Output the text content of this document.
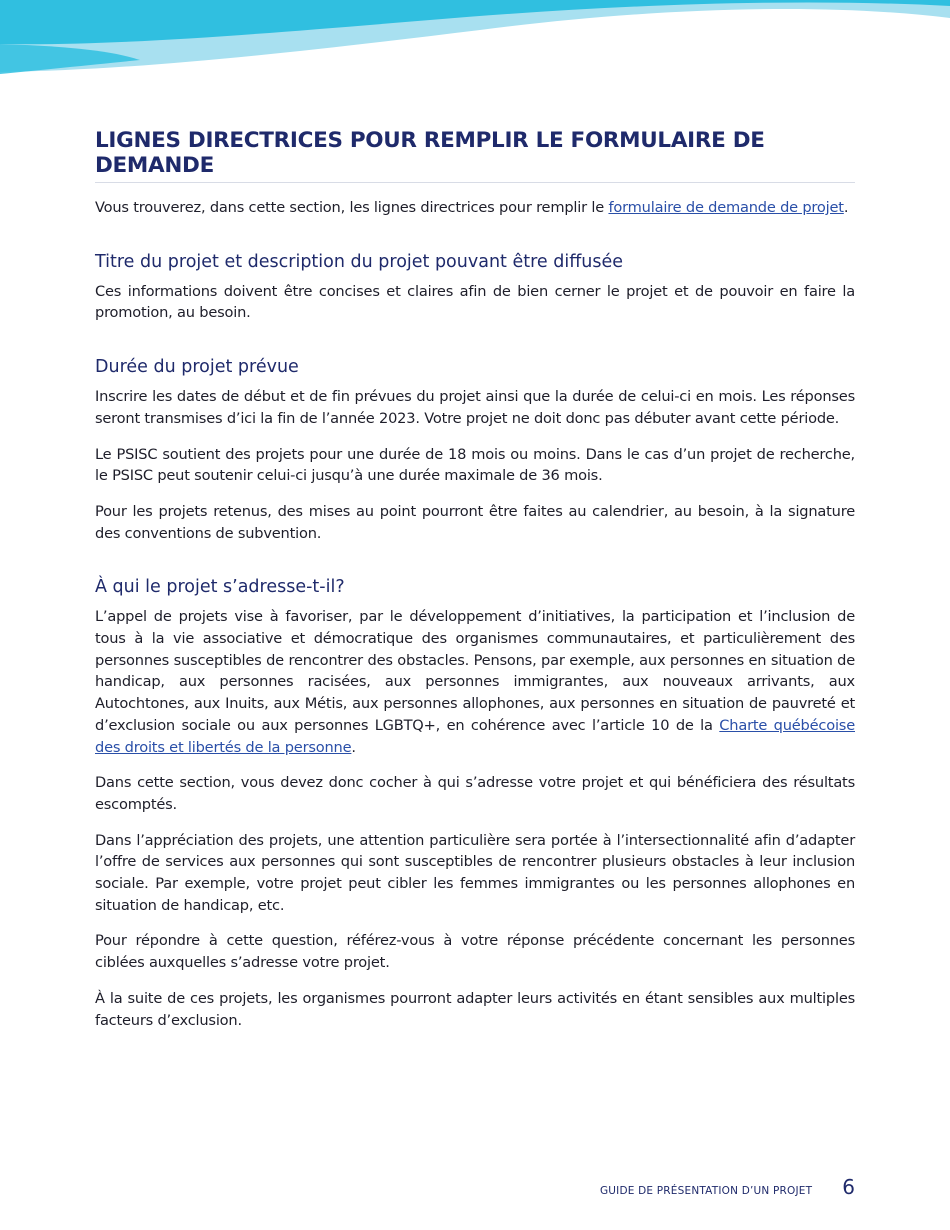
LIGNES DIRECTRICES POUR REMPLIR LE FORMULAIRE DE DEMANDE

Vous trouverez, dans cette section, les lignes directrices pour remplir le formulaire de demande de projet.

Titre du projet et description du projet pouvant être diffusée

Ces informations doivent être concises et claires afin de bien cerner le projet et de pouvoir en faire la promotion, au besoin.

Durée du projet prévue

Inscrire les dates de début et de fin prévues du projet ainsi que la durée de celui-ci en mois. Les réponses seront transmises d’ici la fin de l’année 2023. Votre projet ne doit donc pas débuter avant cette période.

Le PSISC soutient des projets pour une durée de 18 mois ou moins. Dans le cas d’un projet de recherche, le PSISC peut soutenir celui-ci jusqu’à une durée maximale de 36 mois.

Pour les projets retenus, des mises au point pourront être faites au calendrier, au besoin, à la signature des conventions de subvention.

À qui le projet s’adresse-t-il?

L’appel de projets vise à favoriser, par le développement d’initiatives, la participation et l’inclusion de tous à la vie associative et démocratique des organismes communautaires, et particulièrement des personnes susceptibles de rencontrer des obstacles. Pensons, par exemple, aux personnes en situation de handicap, aux personnes racisées, aux personnes immigrantes, aux nouveaux arrivants, aux Autochtones, aux Inuits, aux Métis, aux personnes allophones, aux personnes en situation de pauvreté et d’exclusion sociale ou aux personnes LGBTQ+, en cohérence avec l’article 10 de la Charte québécoise des droits et libertés de la personne.

Dans cette section, vous devez donc cocher à qui s’adresse votre projet et qui bénéficiera des résultats escomptés.

Dans l’appréciation des projets, une attention particulière sera portée à l’intersectionnalité afin d’adapter l’offre de services aux personnes qui sont susceptibles de rencontrer plusieurs obstacles à leur inclusion sociale. Par exemple, votre projet peut cibler les femmes immigrantes ou les personnes allophones en situation de handicap, etc.

Pour répondre à cette question, référez-vous à votre réponse précédente concernant les personnes ciblées auxquelles s’adresse votre projet.

À la suite de ces projets, les organismes pourront adapter leurs activités en étant sensibles aux multiples facteurs d’exclusion.

GUIDE DE PRÉSENTATION D’UN PROJET 6
